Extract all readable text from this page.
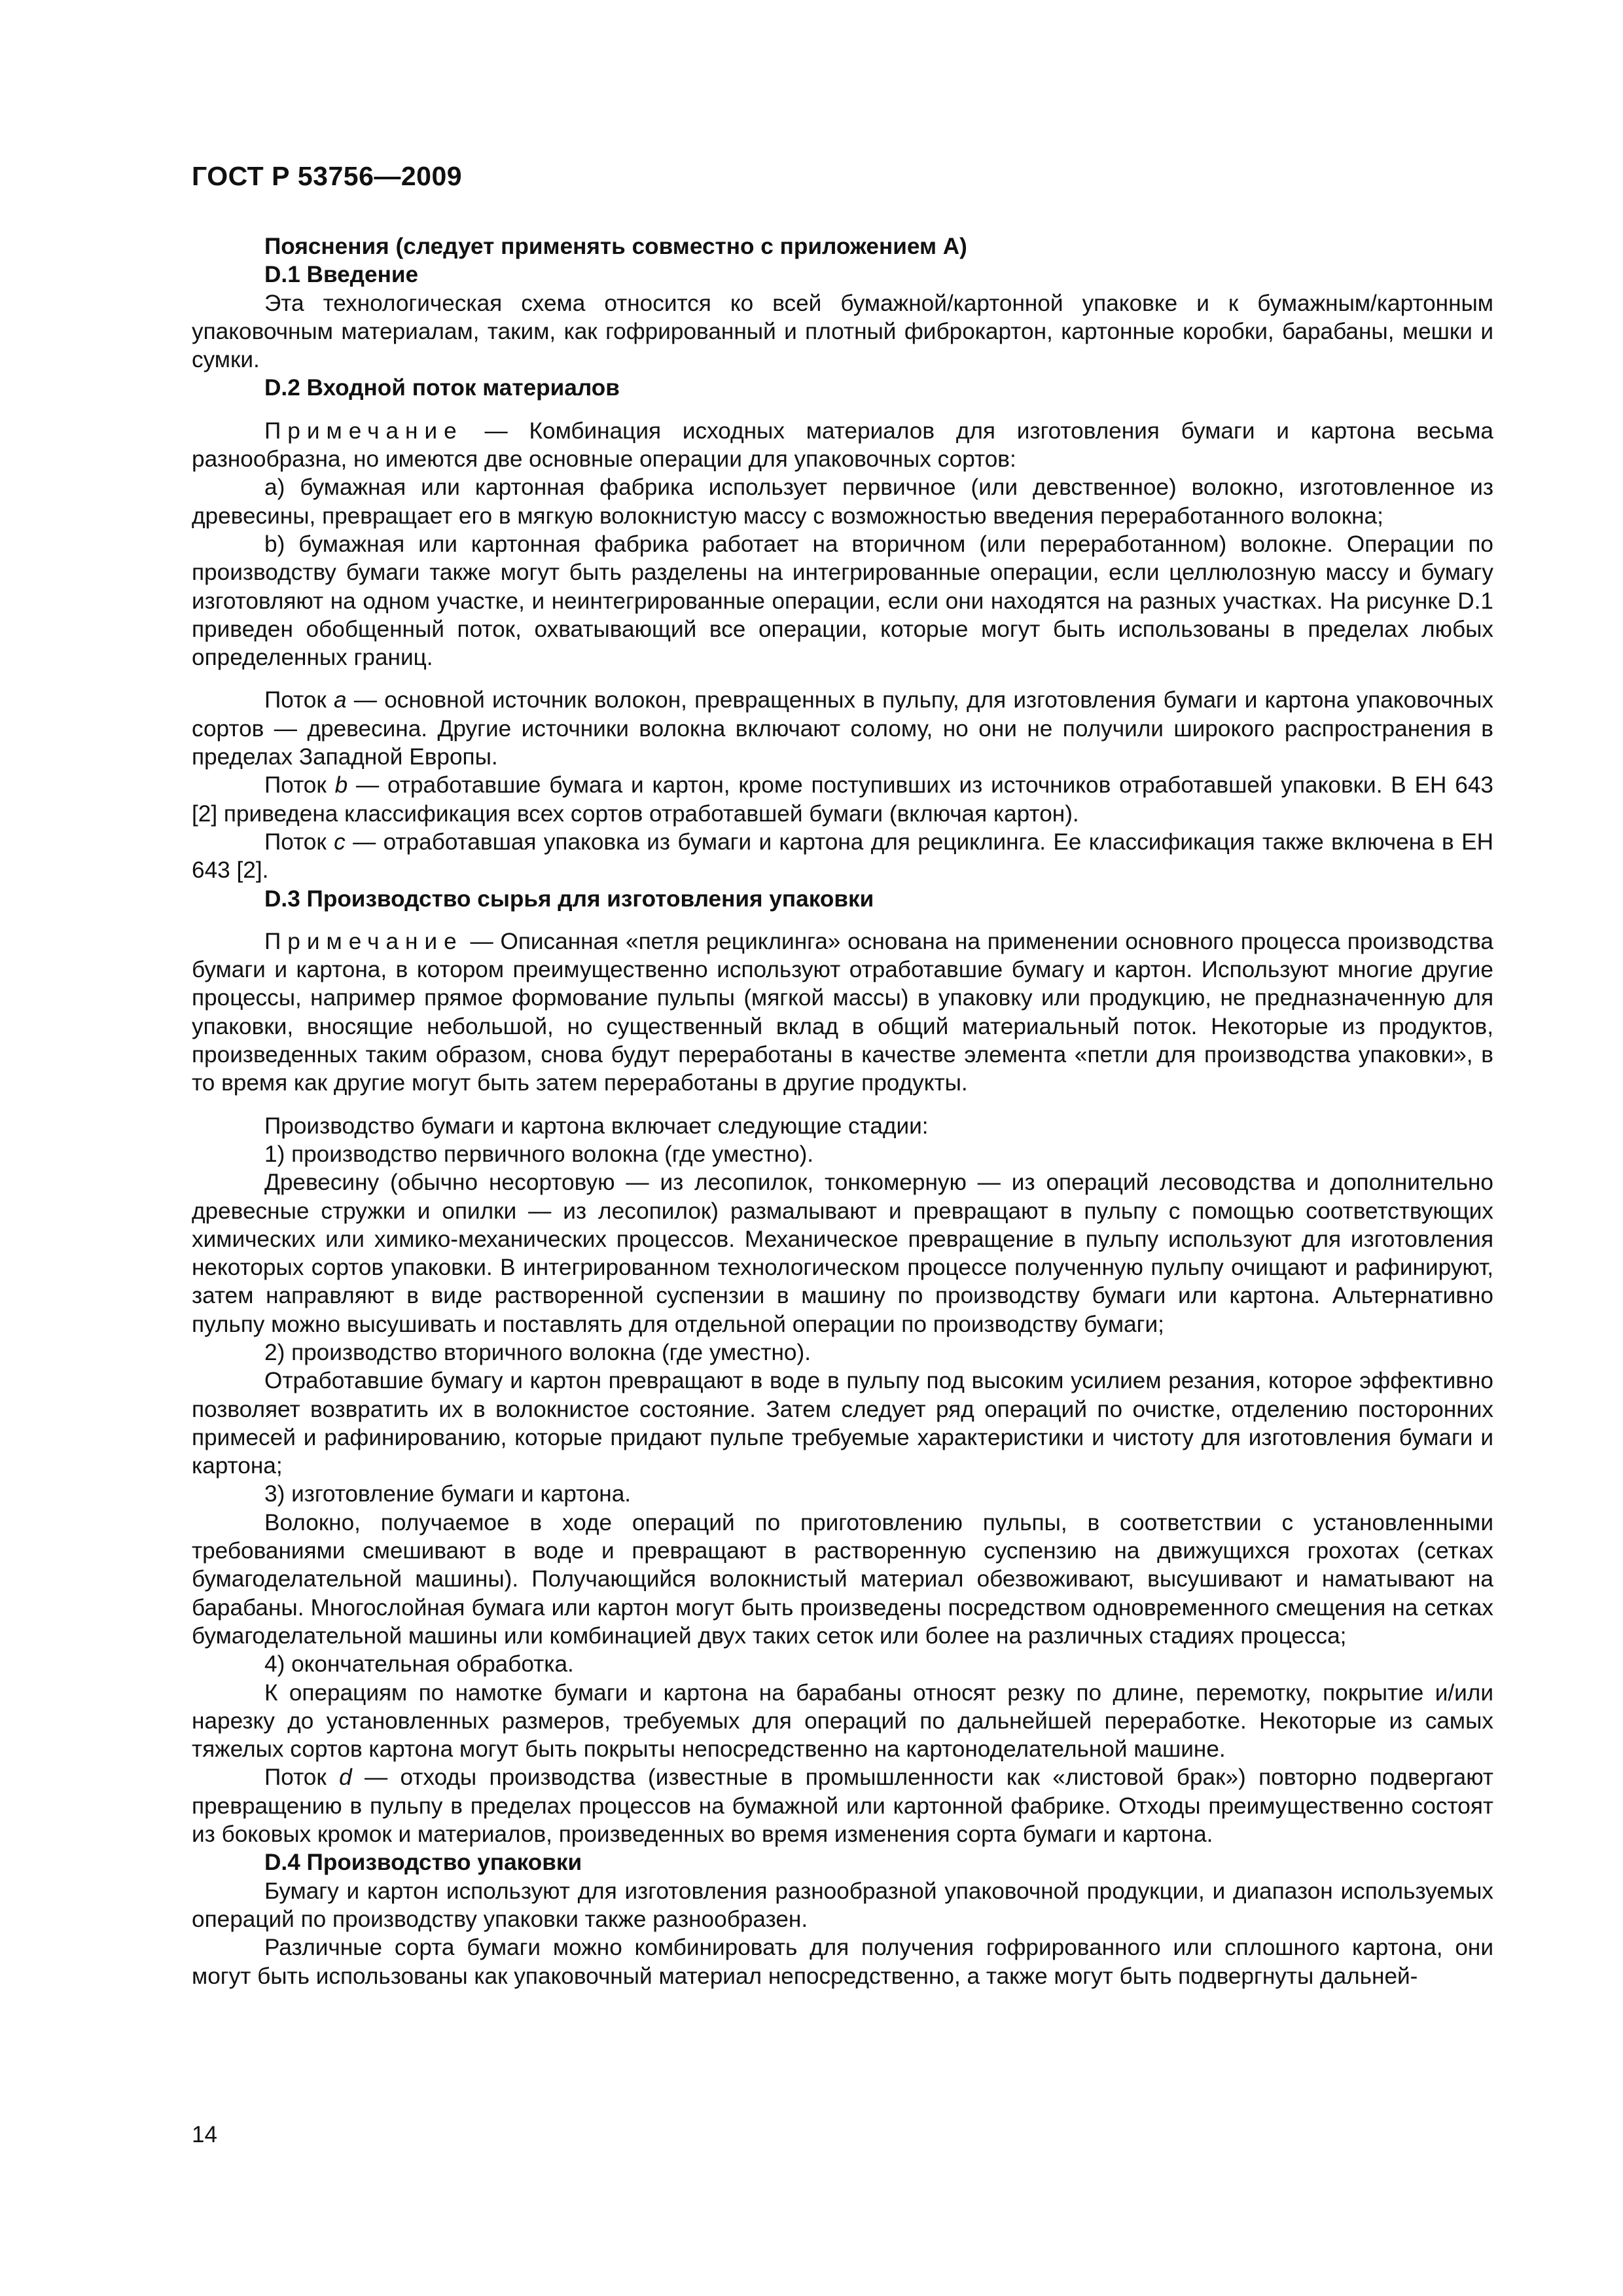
ГОСТ Р 53756—2009

Пояснения (следует применять совместно с приложением А)

D.1 Введение

Эта технологическая схема относится ко всей бумажной/картонной упаковке и к бумажным/картонным упаковочным материалам, таким, как гофрированный и плотный фиброкартон, картонные коробки, барабаны, мешки и сумки.

D.2 Входной поток материалов

Примечание — Комбинация исходных материалов для изготовления бумаги и картона весьма разнообразна, но имеются две основные операции для упаковочных сортов:

а) бумажная или картонная фабрика использует первичное (или девственное) волокно, изготовленное из древесины, превращает его в мягкую волокнистую массу с возможностью введения переработанного волокна;

b) бумажная или картонная фабрика работает на вторичном (или переработанном) волокне. Операции по производству бумаги также могут быть разделены на интегрированные операции, если целлюлозную массу и бумагу изготовляют на одном участке, и неинтегрированные операции, если они находятся на разных участках. На рисунке D.1 приведен обобщенный поток, охватывающий все операции, которые могут быть использованы в пределах любых определенных границ.

Поток а — основной источник волокон, превращенных в пульпу, для изготовления бумаги и картона упаковочных сортов — древесина. Другие источники волокна включают солому, но они не получили широкого распространения в пределах Западной Европы.

Поток b — отработавшие бумага и картон, кроме поступивших из источников отработавшей упаковки. В ЕН 643 [2] приведена классификация всех сортов отработавшей бумаги (включая картон).

Поток с — отработавшая упаковка из бумаги и картона для рециклинга. Ее классификация также включена в ЕН 643 [2].

D.3 Производство сырья для изготовления упаковки

Примечание — Описанная «петля рециклинга» основана на применении основного процесса производства бумаги и картона, в котором преимущественно используют отработавшие бумагу и картон. Используют многие другие процессы, например прямое формование пульпы (мягкой массы) в упаковку или продукцию, не предназначенную для упаковки, вносящие небольшой, но существенный вклад в общий материальный поток. Некоторые из продуктов, произведенных таким образом, снова будут переработаны в качестве элемента «петли для производства упаковки», в то время как другие могут быть затем переработаны в другие продукты.

Производство бумаги и картона включает следующие стадии:

1) производство первичного волокна (где уместно).

Древесину (обычно несортовую — из лесопилок, тонкомерную — из операций лесоводства и дополнительно древесные стружки и опилки — из лесопилок) размалывают и превращают в пульпу с помощью соответствующих химических или химико-механических процессов. Механическое превращение в пульпу используют для изготовления некоторых сортов упаковки. В интегрированном технологическом процессе полученную пульпу очищают и рафинируют, затем направляют в виде растворенной суспензии в машину по производству бумаги или картона. Альтернативно пульпу можно высушивать и поставлять для отдельной операции по производству бумаги;

2) производство вторичного волокна (где уместно).

Отработавшие бумагу и картон превращают в воде в пульпу под высоким усилием резания, которое эффективно позволяет возвратить их в волокнистое состояние. Затем следует ряд операций по очистке, отделению посторонних примесей и рафинированию, которые придают пульпе требуемые характеристики и чистоту для изготовления бумаги и картона;

3) изготовление бумаги и картона.

Волокно, получаемое в ходе операций по приготовлению пульпы, в соответствии с установленными требованиями смешивают в воде и превращают в растворенную суспензию на движущихся грохотах (сетках бумагоделательной машины). Получающийся волокнистый материал обезвоживают, высушивают и наматывают на барабаны. Многослойная бумага или картон могут быть произведены посредством одновременного смещения на сетках бумагоделательной машины или комбинацией двух таких сеток или более на различных стадиях процесса;

4) окончательная обработка.

К операциям по намотке бумаги и картона на барабаны относят резку по длине, перемотку, покрытие и/или нарезку до установленных размеров, требуемых для операций по дальнейшей переработке. Некоторые из самых тяжелых сортов картона могут быть покрыты непосредственно на картоноделательной машине.

Поток d — отходы производства (известные в промышленности как «листовой брак») повторно подвергают превращению в пульпу в пределах процессов на бумажной или картонной фабрике. Отходы преимущественно состоят из боковых кромок и материалов, произведенных во время изменения сорта бумаги и картона.

D.4 Производство упаковки

Бумагу и картон используют для изготовления разнообразной упаковочной продукции, и диапазон используемых операций по производству упаковки также разнообразен.

Различные сорта бумаги можно комбинировать для получения гофрированного или сплошного картона, они могут быть использованы как упаковочный материал непосредственно, а также могут быть подвергнуты дальней-

14
